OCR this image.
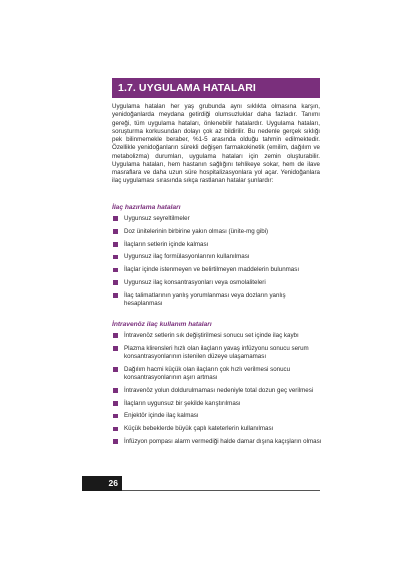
1.7. UYGULAMA HATALARI

Uygulama hataları her yaş grubunda aynı sıklıkta olmasına karşın, yenidoğanlarda meydana getirdiği olumsuzluklar daha fazladır. Tanımı gereği, tüm uygulama hataları, önlenebilir hatalardır. Uygulama hataları, soruşturma korkusundan dolayı çok az bildirilir. Bu nedenle gerçek sıklığı pek bilinmemekle beraber, %1-5 arasında olduğu tahmin edilmektedir. Özellikle yenidoğanların sürekli değişen farmakokinetik (emilim, dağılım ve metabolizma) durumları, uygulama hataları için zemin oluşturabilir. Uygulama hataları, hem hastanın sağlığını tehlikeye sokar, hem de ilave masraflara ve daha uzun süre hospitalizasyonlara yol açar. Yenidoğanlara ilaç uygulaması sırasında sıkça rastlanan hatalar şunlardır:

İlaç hazırlama hataları

Uygunsuz seyreltilmeler
Doz ünitelerinin birbirine yakın olması (ünite-mg gibi)
İlaçların setlerin içinde kalması
Uygunsuz ilaç formülasyonlarının kullanılması
İlaçlar içinde istenmeyen ve belirtilmeyen maddelerin bulunması
Uygunsuz ilaç konsantrasyonları veya osmolaliteleri
İlaç talimatlarının yanlış yorumlanması veya dozların yanlış hesaplanması

İntravenöz ilaç kullanım hataları

İntravenöz setlerin sık değiştirilmesi sonucu set içinde ilaç kaybı
Plazma klirensleri hızlı olan ilaçların yavaş infüzyonu sonucu serum konsantrasyonlarının istenilen düzeye ulaşamaması
Dağılım hacmi küçük olan ilaçların çok hızlı verilmesi sonucu konsantrasyonlarının aşırı artması
İntravenöz yolun doldurulmaması nedeniyle total dozun geç verilmesi
İlaçların uygunsuz bir şekilde karıştırılması
Enjektör içinde ilaç kalması
Küçük bebeklerde büyük çaplı kateterlerin kullanılması
İnfüzyon pompası alarm vermediği halde damar dışına kaçışların olması
26
